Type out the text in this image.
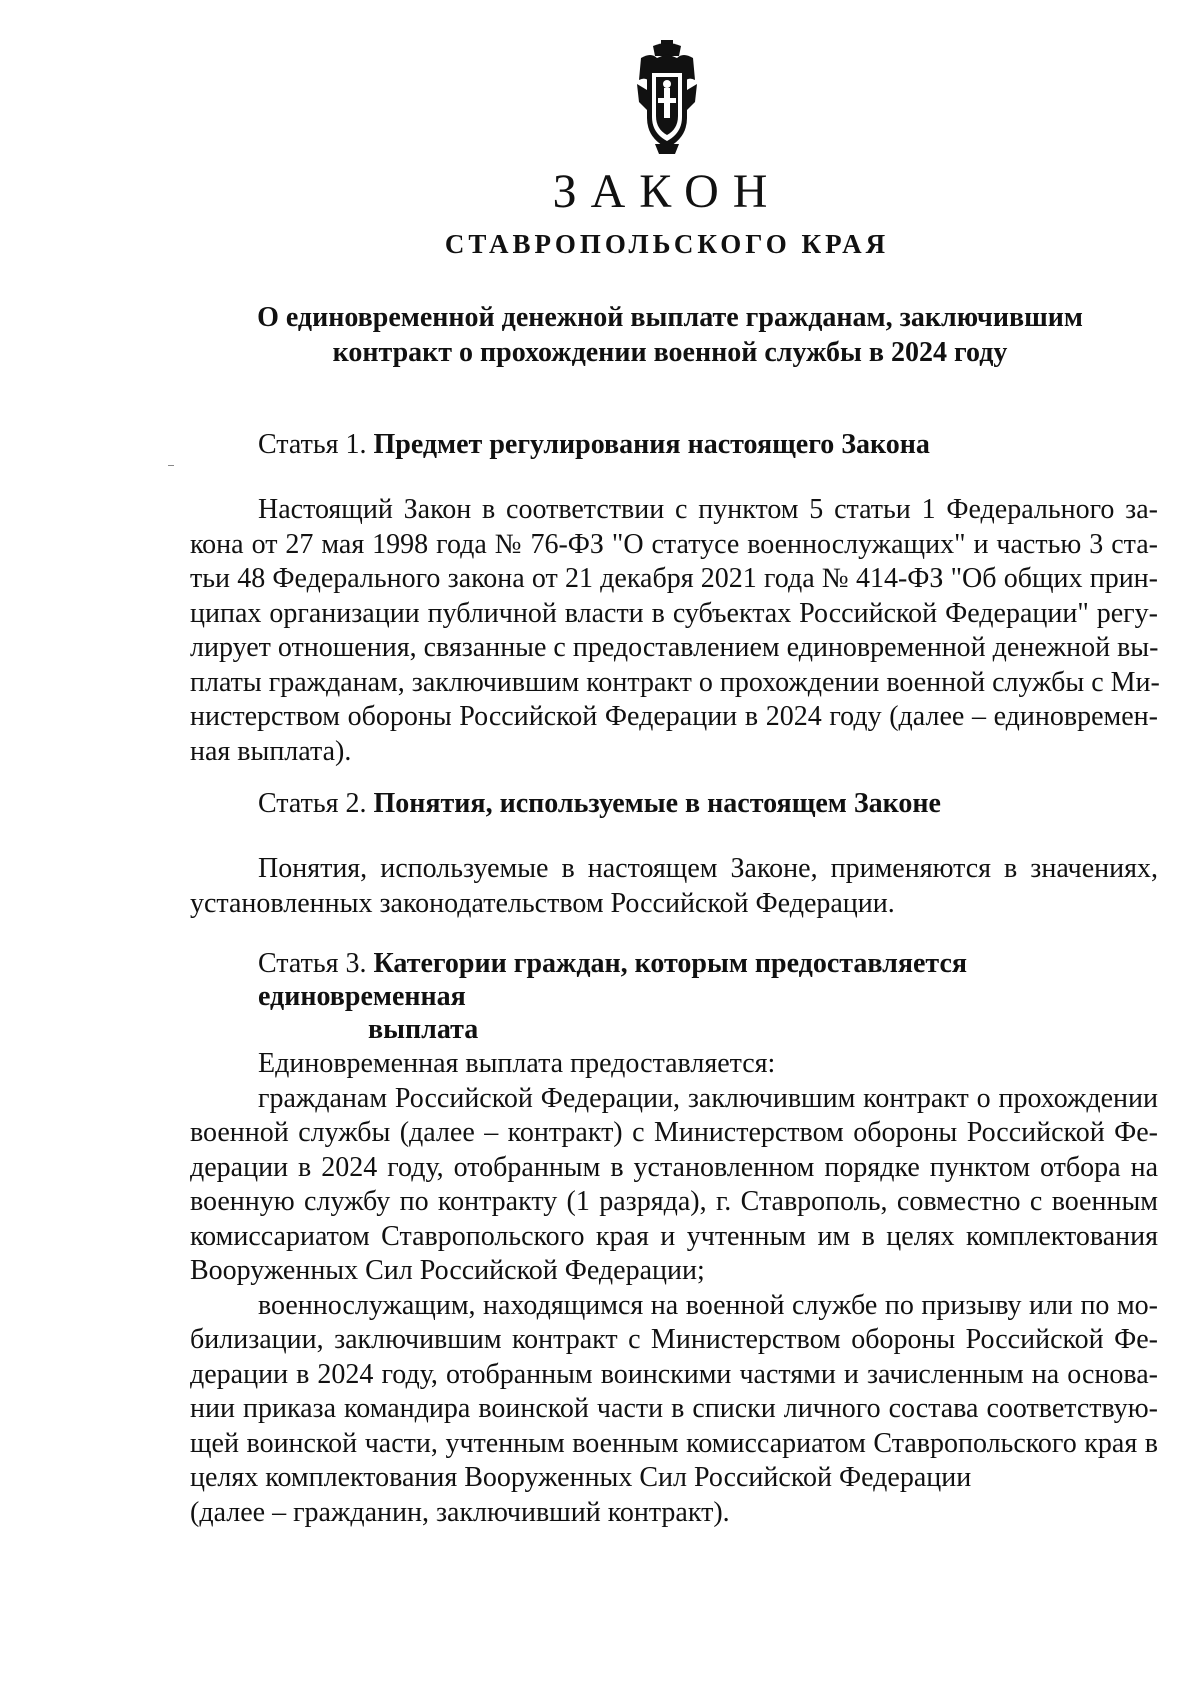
ЗАКОН
СТАВРОПОЛЬСКОГО КРАЯ
О единовременной денежной выплате гражданам, заключившим
контракт о прохождении военной службы в 2024 году
Статья 1. Предмет регулирования настоящего Закона
Настоящий Закон в соответствии с пунктом 5 статьи 1 Федерального за-
кона от 27 мая 1998 года № 76-ФЗ "О статусе военнослужащих" и частью 3 ста-
тьи 48 Федерального закона от 21 декабря 2021 года № 414-ФЗ "Об общих прин-
ципах организации публичной власти в субъектах Российской Федерации" регу-
лирует отношения, связанные с предоставлением единовременной денежной вы-
платы гражданам, заключившим контракт о прохождении военной службы с Ми-
нистерством обороны Российской Федерации в 2024 году (далее – единовремен-
ная выплата).
Статья 2. Понятия, используемые в настоящем Законе
Понятия, используемые в настоящем Законе, применяются в значениях,
установленных законодательством Российской Федерации.
Статья 3. Категории граждан, которым предоставляется единовременная
выплата
Единовременная выплата предоставляется:
гражданам Российской Федерации, заключившим контракт о прохождении
военной службы (далее – контракт) с Министерством обороны Российской Фе-
дерации в 2024 году, отобранным в установленном порядке пунктом отбора на
военную службу по контракту (1 разряда), г. Ставрополь, совместно с военным
комиссариатом Ставропольского края и учтенным им в целях комплектования
Вооруженных Сил Российской Федерации;
военнослужащим, находящимся на военной службе по призыву или по мо-
билизации, заключившим контракт с Министерством обороны Российской Фе-
дерации в 2024 году, отобранным воинскими частями и зачисленным на основа-
нии приказа командира воинской части в списки личного состава соответствую-
щей воинской части, учтенным военным комиссариатом Ставропольского края в
целях комплектования Вооруженных Сил Российской Федерации
(далее – гражданин, заключивший контракт).
